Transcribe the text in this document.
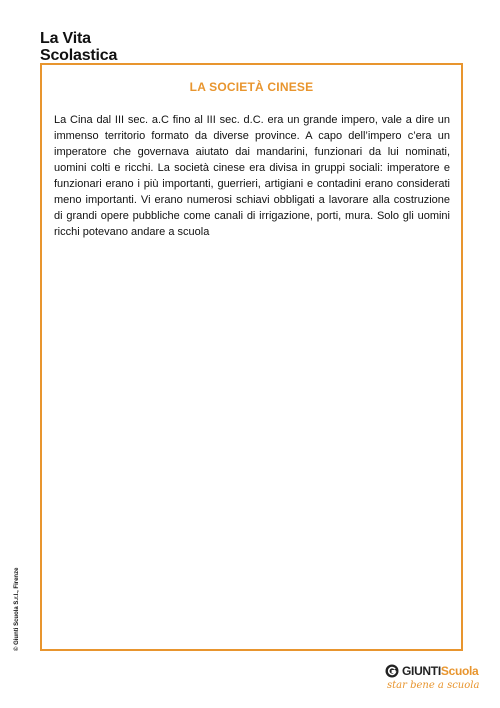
La Vita
Scolastica
LA SOCIETÀ CINESE

La Cina dal III sec. a.C fino al III sec. d.C. era un grande impero, vale a dire un immenso territorio formato da diverse province. A capo dell’impero c’era un imperatore che governava aiutato dai mandarini, funzionari da lui nominati, uomini colti e ricchi. La società cinese era divisa in gruppi sociali: imperatore e funzionari erano i più importanti, guerrieri, artigiani e contadini erano considerati meno importanti. Vi erano numerosi schiavi obbligati a lavorare alla costruzione di grandi opere pubbliche come canali di irrigazione, porti, mura. Solo gli uomini ricchi potevano andare a scuola

© Giunti Scuola S.r.l., Firenze
GIUNTI Scuola
star bene a scuola
